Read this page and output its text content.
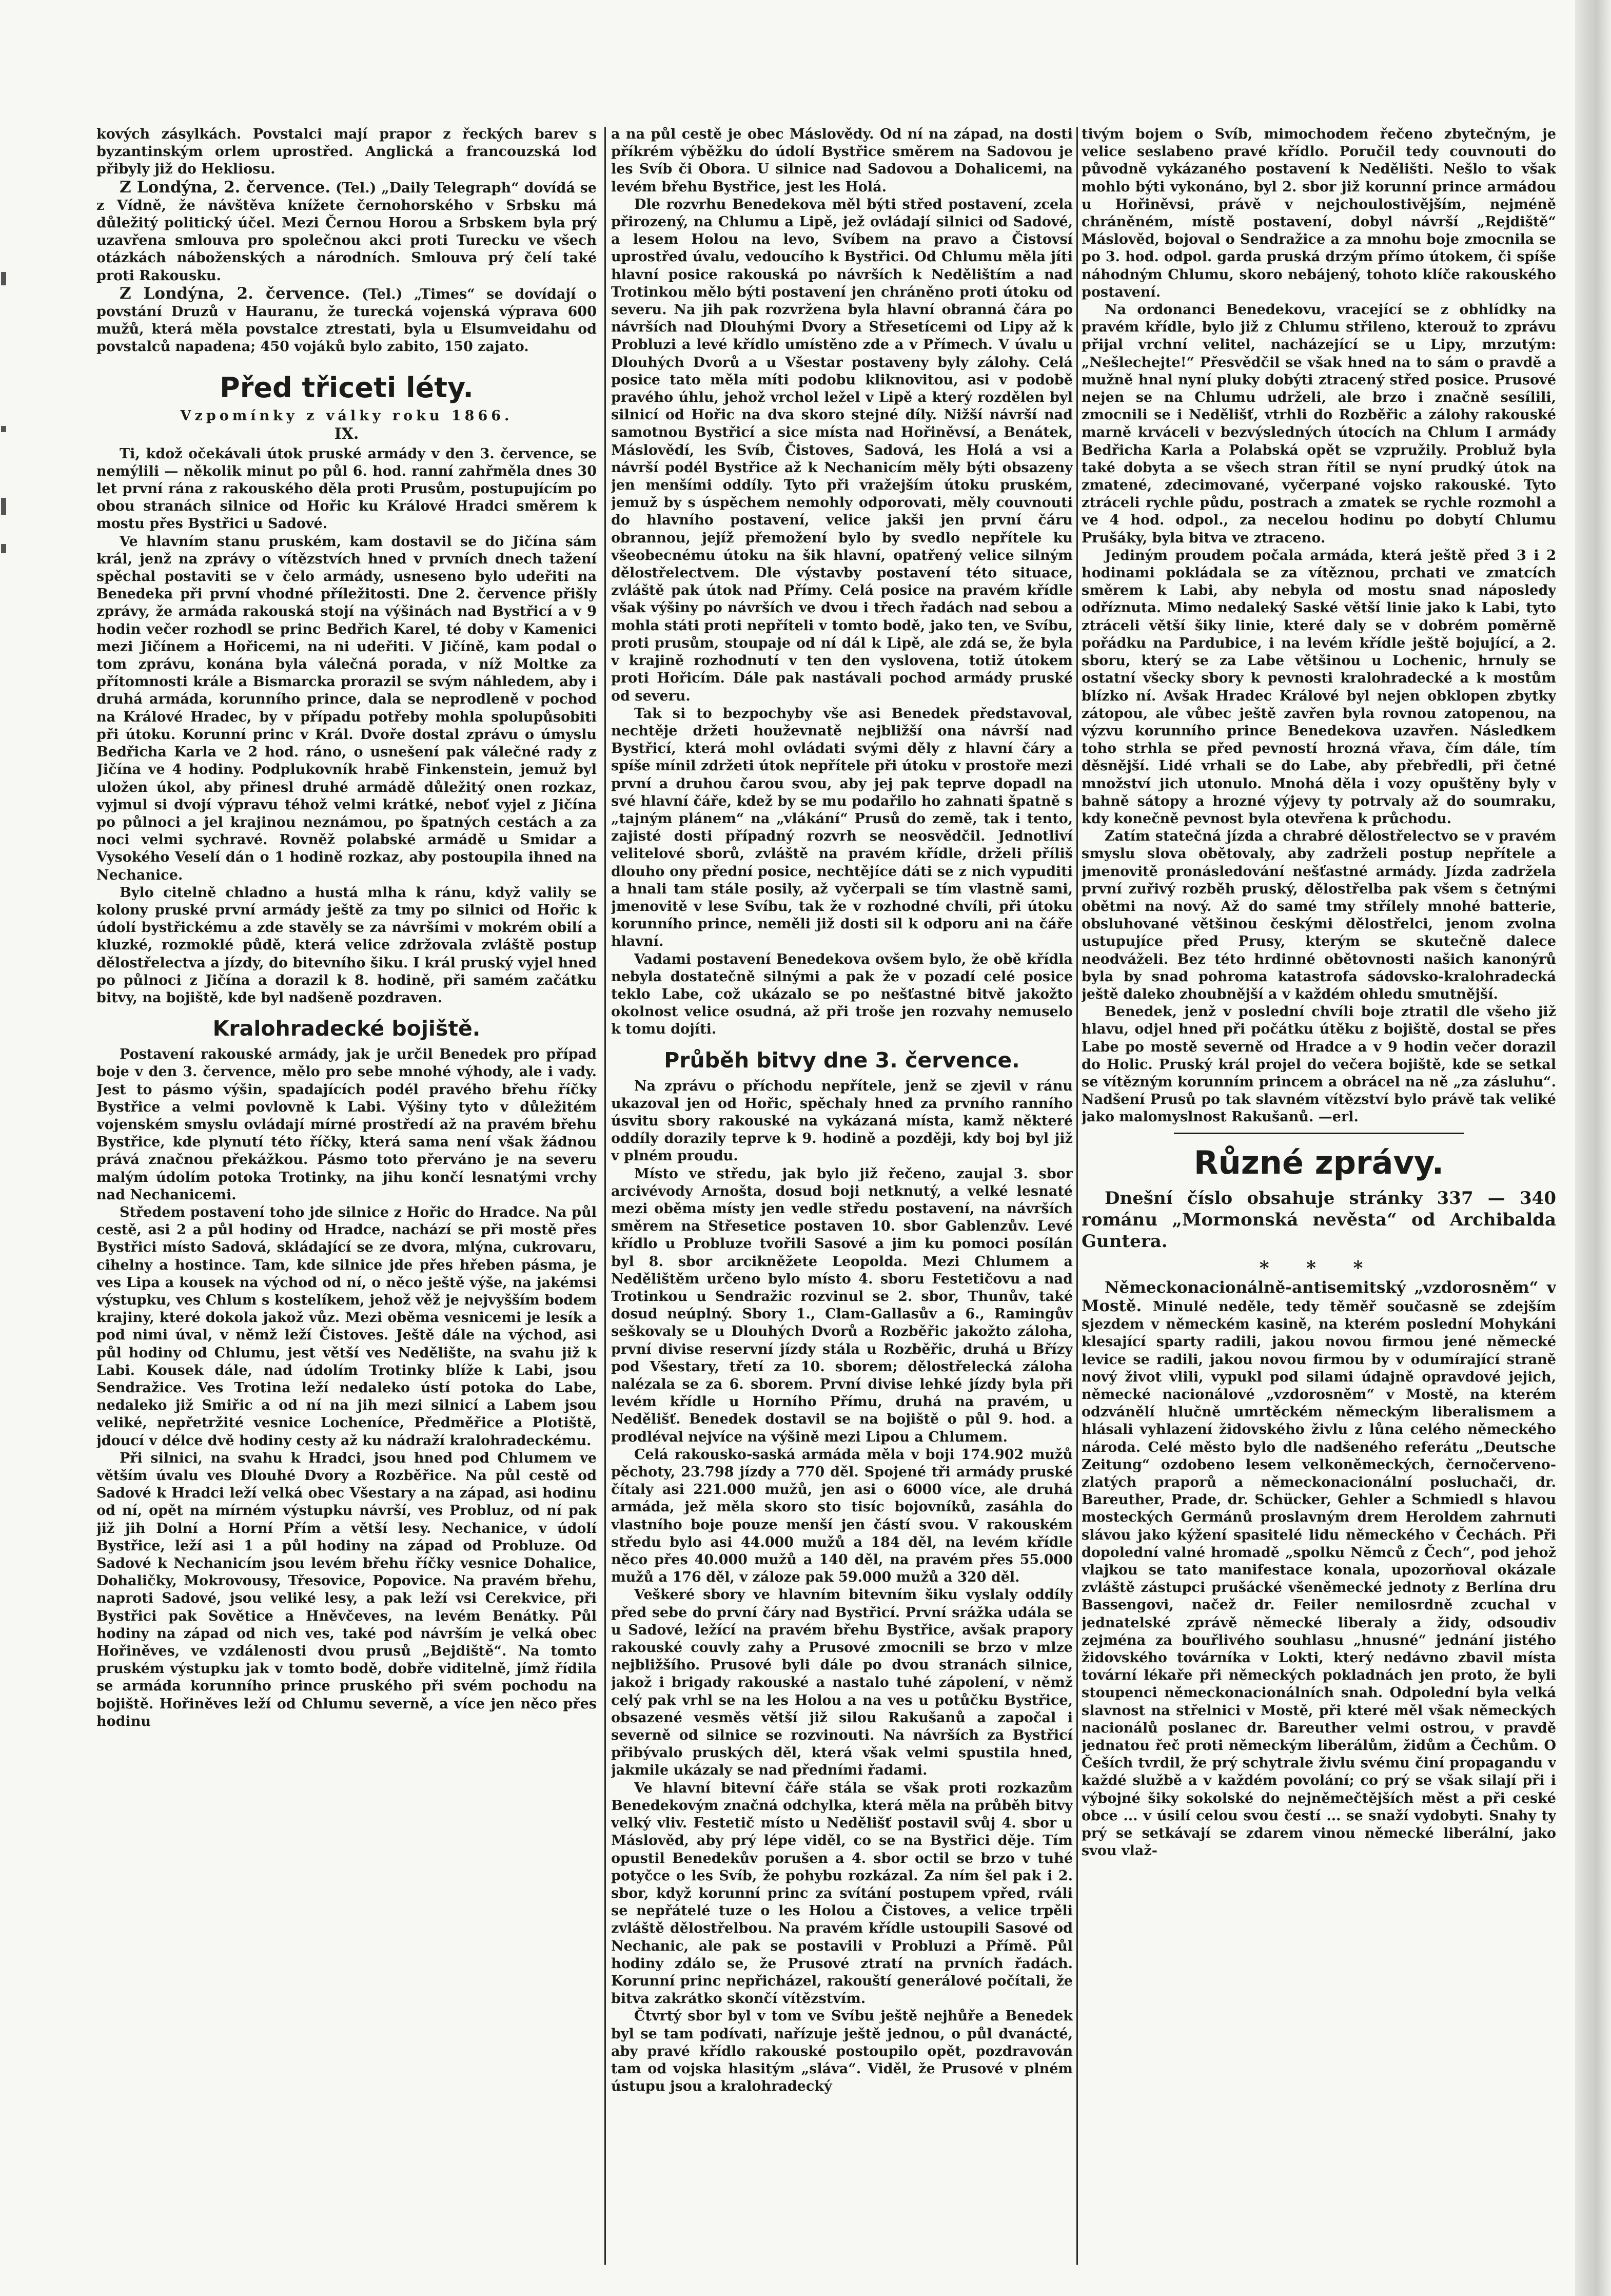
kových zásylkách. Povstalci mají prapor z řeckých barev s byzantinským orlem uprostřed. Anglická a francouzská loď přibyly již do Hekliosu.

Z Londýna, 2. července. (Tel.) „Daily Telegraph“ dovídá se z Vídně, že návštěva knížete černohorského v Srbsku má důležitý politický účel. Mezi Černou Horou a Srbskem byla prý uzavřena smlouva pro společnou akci proti Turecku ve všech otázkách náboženských a národních. Smlouva prý čelí také proti Rakousku.

Z Londýna, 2. července. (Tel.) „Times“ se dovídají o povstání Druzů v Hauranu, že turecká vojenská výprava 600 mužů, která měla povstalce ztrestati, byla u Elsumveidahu od povstalců napadena; 450 vojáků bylo zabito, 150 zajato.

Před třiceti léty.
Vzpomínky z války roku 1866.
IX.

Ti, kdož očekávali útok pruské armády v den 3. července, se nemýlili — několik minut po půl 6. hod. ranní zahřměla dnes 30 let první rána z rakouského děla proti Prusům, postupujícím po obou stranách silnice od Hořic ku Králové Hradci směrem k mostu přes Bystřici u Sadové.

Ve hlavním stanu pruském, kam dostavil se do Jičína sám král, jenž na zprávy o vítězstvích hned v prvních dnech tažení spěchal postaviti se v čelo armády, usneseno bylo udeřiti na Benedeka při první vhodné příležitosti. Dne 2. července přišly zprávy, že armáda rakouská stojí na výšinách nad Bystřicí a v 9 hodin večer rozhodl se princ Bedřich Karel, té doby v Kamenici mezi Jičínem a Hořicemi, na ni udeřiti. V Jičíně, kam podal o tom zprávu, konána byla válečná porada, v níž Moltke za přítomnosti krále a Bismarcka prorazil se svým náhledem, aby i druhá armáda, korunního prince, dala se neprodleně v pochod na Králové Hradec, by v případu potřeby mohla spolupůsobiti při útoku. Korunní princ v Král. Dvoře dostal zprávu o úmyslu Bedřicha Karla ve 2 hod. ráno, o usnešení pak válečné rady z Jičína ve 4 hodiny. Podplukovník hrabě Finkenstein, jemuž byl uložen úkol, aby přinesl druhé armádě důležitý onen rozkaz, vyjmul si dvojí výpravu téhož velmi krátké, neboť vyjel z Jičína po půlnoci a jel krajinou neznámou, po špatných cestách a za noci velmi sychravé. Rovněž polabské armádě u Smidar a Vysokého Veselí dán o 1 hodině rozkaz, aby postoupila ihned na Nechanice.

Bylo citelně chladno a hustá mlha k ránu, když valily se kolony pruské první armády ještě za tmy po silnici od Hořic k údolí bystřickému a zde stavěly se za návršími v mokrém obilí a kluzké, rozmoklé půdě, která velice zdržovala zvláště postup dělostřelectva a jízdy, do bitevního šiku. I král pruský vyjel hned po půlnoci z Jičína a dorazil k 8. hodině, při samém začátku bitvy, na bojiště, kde byl nadšeně pozdraven.

Kralohradecké bojiště.

Postavení rakouské armády, jak je určil Benedek pro případ boje v den 3. července, mělo pro sebe mnohé výhody, ale i vady. Jest to pásmo výšin, spadajících podél pravého břehu říčky Bystřice a velmi povlovně k Labi. Výšiny tyto v důležitém vojenském smyslu ovládají mírné prostředí až na pravém břehu Bystřice, kde plynutí této říčky, která sama není však žádnou prává značnou překážkou. Pásmo toto přerváno je na severu malým údolím potoka Trotinky, na jihu končí lesnatými vrchy nad Nechanicemi.

Středem postavení toho jde silnice z Hořic do Hradce. Na půl cestě, asi 2 a půl hodiny od Hradce, nachází se při mostě přes Bystřici místo Sadová, skládající se ze dvora, mlýna, cukrovaru, cihelny a hostince. Tam, kde silnice jde přes hřeben pásma, je ves Lipa a kousek na východ od ní, o něco ještě výše, na jakémsi výstupku, ves Chlum s kostelíkem, jehož věž je nejvyšším bodem krajiny, které dokola jakož vůz. Mezi oběma vesnicemi je lesík a pod nimi úval, v němž leží Čistoves. Ještě dále na východ, asi půl hodiny od Chlumu, jest větší ves Nedělište, na svahu již k Labi. Kousek dále, nad údolím Trotinky blíže k Labi, jsou Sendražice. Ves Trotina leží nedaleko ústí potoka do Labe, nedaleko již Smiřic a od ní na jih mezi silnicí a Labem jsou veliké, nepřetržité vesnice Locheníce, Předměřice a Plotiště, jdoucí v délce dvě hodiny cesty až ku nádraží kralohradeckému.

Při silnici, na svahu k Hradci, jsou hned pod Chlumem ve větším úvalu ves Dlouhé Dvory a Rozběřice. Na půl cestě od Sadové k Hradci leží velká obec Všestary a na západ, asi hodinu od ní, opět na mírném výstupku návrší, ves Probluz, od ní pak již jih Dolní a Horní Přím a větší lesy. Nechanice, v údolí Bystřice, leží asi 1 a půl hodiny na západ od Probluze. Od Sadové k Nechanicím jsou levém břehu říčky vesnice Dohalice, Dohaličky, Mokrovousy, Třesovice, Popovice. Na pravém břehu, naproti Sadové, jsou veliké lesy, a pak leží vsi Cerekvice, při Bystřici pak Sovětice a Hněvčeves, na levém Benátky. Půl hodiny na západ od nich ves, také pod návrším je velká obec Hořiněves, ve vzdálenosti dvou prusů „Bejdiště“. Na tomto pruském výstupku jak v tomto bodě, dobře viditelně, jímž řídila se armáda korunního prince pruského při svém pochodu na bojiště. Hořiněves leží od Chlumu severně, a více jen něco přes hodinu

a na půl cestě je obec Máslovědy. Od ní na západ, na dosti příkrém výběžku do údolí Bystřice směrem na Sadovou je les Svíb či Obora. U silnice nad Sadovou a Dohalicemi, na levém břehu Bystřice, jest les Holá.

Dle rozvrhu Benedekova měl býti střed postavení, zcela přirozený, na Chlumu a Lipě, jež ovládají silnici od Sadové, a lesem Holou na levo, Svíbem na pravo a Čistovsí uprostřed úvalu, vedoucího k Bystřici. Od Chlumu měla jíti hlavní posice rakouská po návrších k Nedělištím a nad Trotinkou mělo býti postavení jen chráněno proti útoku od severu. Na jih pak rozvržena byla hlavní obranná čára po návrších nad Dlouhými Dvory a Střesetícemi od Lipy až k Probluzi a levé křídlo umístěno zde a v Přímech. V úvalu u Dlouhých Dvorů a u Všestar postaveny byly zálohy. Celá posice tato měla míti podobu kliknovitou, asi v podobě pravého úhlu, jehož vrchol ležel v Lipě a který rozdělen byl silnicí od Hořic na dva skoro stejné díly. Nižší návrší nad samotnou Bystřicí a sice místa nad Hořiněvsí, a Benátek, Máslovědí, les Svíb, Čistoves, Sadová, les Holá a vsi a návrší podél Bystřice až k Nechanicím měly býti obsazeny jen menšími oddíly. Tyto při vražejším útoku pruském, jemuž by s úspěchem nemohly odporovati, měly couvnouti do hlavního postavení, velice jakši jen první čáru obrannou, jejíž přemožení bylo by svedlo nepřítele ku všeobecnému útoku na šik hlavní, opatřený velice silným dělostřelectvem. Dle výstavby postavení této situace, zvláště pak útok nad Přímy. Celá posice na pravém křídle však výšiny po návrších ve dvou i třech řadách nad sebou a mohla státi proti nepříteli v tomto bodě, jako ten, ve Svíbu, proti prusům, stoupaje od ní dál k Lipě, ale zdá se, že byla v krajině rozhodnutí v ten den vyslovena, totiž útokem proti Hořicím. Dále pak nastávali pochod armády pruské od severu.

Tak si to bezpochyby vše asi Benedek představoval, nechtěje držeti houževnatě nejbližší ona návrší nad Bystřicí, která mohl ovládati svými děly z hlavní čáry a spíše mínil zdržeti útok nepřítele při útoku v prostoře mezi první a druhou čarou svou, aby jej pak teprve dopadl na své hlavní čáře, kdež by se mu podařilo ho zahnati špatně s „tajným plánem“ na „vlákání“ Prusů do země, tak i tento, zajisté dosti případný rozvrh se neosvědčil. Jednotliví velitelové sborů, zvláště na pravém křídle, drželi příliš dlouho ony přední posice, nechtějíce dáti se z nich vypuditi a hnali tam stále posily, až vyčerpali se tím vlastně sami, jmenovitě v lese Svíbu, tak že v rozhodné chvíli, při útoku korunního prince, neměli již dosti sil k odporu ani na čáře hlavní.

Vadami postavení Benedekova ovšem bylo, že obě křídla nebyla dostatečně silnými a pak že v pozadí celé posice teklo Labe, což ukázalo se po nešťastné bitvě jakožto okolnost velice osudná, až při troše jen rozvahy nemuselo k tomu dojíti.

Průběh bitvy dne 3. července.

Na zprávu o příchodu nepřítele, jenž se zjevil v ránu ukazoval jen od Hořic, spěchaly hned za prvního ranního úsvitu sbory rakouské na vykázaná místa, kamž některé oddíly dorazily teprve k 9. hodině a později, kdy boj byl již v plném proudu.

Místo ve středu, jak bylo již řečeno, zaujal 3. sbor arcivévody Arnošta, dosud boji netknutý, a velké lesnaté mezi oběma místy jen vedle středu postavení, na návrších směrem na Střesetice postaven 10. sbor Gablenzův. Levé křídlo u Probluze tvořili Sasové a jim ku pomoci posílán byl 8. sbor arcikněžete Leopolda. Mezi Chlumem a Nedělištěm určeno bylo místo 4. sboru Festetičovu a nad Trotinkou u Sendražic rozvinul se 2. sbor, Thunův, také dosud neúplný. Sbory 1., Clam-Gallasův a 6., Ramingův seškovaly se u Dlouhých Dvorů a Rozběřic jakožto záloha, první divise reservní jízdy stála u Rozběřic, druhá u Břízy pod Všestary, třetí za 10. sborem; dělostřelecká záloha nalézala se za 6. sborem. První divise lehké jízdy byla při levém křídle u Horního Přímu, druhá na pravém, u Nedělišť. Benedek dostavil se na bojiště o půl 9. hod. a prodléval nejvíce na výšině mezi Lipou a Chlumem.

Celá rakousko-saská armáda měla v boji 174.902 mužů pěchoty, 23.798 jízdy a 770 děl. Spojené tři armády pruské čítaly asi 221.000 mužů, jen asi o 6000 více, ale druhá armáda, jež měla skoro sto tisíc bojovníků, zasáhla do vlastního boje pouze menší jen částí svou. V rakouském středu bylo asi 44.000 mužů a 184 děl, na levém křídle něco přes 40.000 mužů a 140 děl, na pravém přes 55.000 mužů a 176 děl, v záloze pak 59.000 mužů a 320 děl.

Veškeré sbory ve hlavním bitevním šiku vyslaly oddíly před sebe do první čáry nad Bystřicí. První srážka udála se u Sadové, ležící na pravém břehu Bystřice, avšak prapory rakouské couvly zahy a Prusové zmocnili se brzo v mlze nejbližšího. Prusové byli dále po dvou stranách silnice, jakož i brigady rakouské a nastalo tuhé zápolení, v němž celý pak vrhl se na les Holou a na ves u potůčku Bystřice, obsazené vesměs větší již silou Rakušanů a započal i severně od silnice se rozvinouti. Na návrších za Bystřicí přibývalo pruských děl, která však velmi spustila hned, jakmile ukázaly se nad předními řadami.

Ve hlavní bitevní čáře stála se však proti rozkazům Benedekovým značná odchylka, která měla na průběh bitvy velký vliv. Festetič místo u Nedělišť postavil svůj 4. sbor u Máslověd, aby prý lépe viděl, co se na Bystřici děje. Tím opustil Benedekův porušen a 4. sbor octil se brzo v tuhé potyčce o les Svíb, že pohybu rozkázal. Za ním šel pak i 2. sbor, když korunní princ za svítání postupem vpřed, rváli se nepřátelé tuze o les Holou a Čistoves, a velice trpěli zvláště dělostřelbou. Na pravém křídle ustoupili Sasové od Nechanic, ale pak se postavili v Probluzi a Přímě. Půl hodiny zdálo se, že Prusové ztratí na prvních řadách. Korunní princ nepřicházel, rakouští generálové počítali, že bitva zakrátko skončí vítězstvím.

Čtvrtý sbor byl v tom ve Svíbu ještě nejhůře a Benedek byl se tam podívati, nařízuje ještě jednou, o půl dvanácté, aby pravé křídlo rakouské postoupilo opět, pozdravován tam od vojska hlasitým „sláva“. Viděl, že Prusové v plném ústupu jsou a kralohradecký

tivým bojem o Svíb, mimochodem řečeno zbytečným, je velice seslabeno pravé křídlo. Poručil tedy couvnouti do původně vykázaného postavení k Nedělišti. Nešlo to však mohlo býti vykonáno, byl 2. sbor již korunní prince armádou u Hořiněvsi, právě v nejchoulostivějším, nejméně chráněném, místě postavení, dobyl návrší „Rejdiště“ Máslověd, bojoval o Sendražice a za mnohu boje zmocnila se po 3. hod. odpol. garda pruská drzým přímo útokem, či spíše náhodným Chlumu, skoro nebájený, tohoto klíče rakouského postavení.

Na ordonanci Benedekovu, vracející se z obhlídky na pravém křídle, bylo již z Chlumu střileno, kterouž to zprávu přijal vrchní velitel, nacházející se u Lipy, mrzutým: „Nešlechejte!“ Přesvědčil se však hned na to sám o pravdě a mužně hnal nyní pluky dobýti ztracený střed posice. Prusové nejen se na Chlumu udrželi, ale brzo i značně sesílili, zmocnili se i Nedělišť, vtrhli do Rozběřic a zálohy rakouské marně krváceli v bezvýsledných útocích na Chlum I armády Bedřicha Karla a Polabská opět se vzpružily. Probluž byla také dobyta a se všech stran řítil se nyní prudký útok na zmatené, zdecimované, vyčerpané vojsko rakouské. Tyto ztráceli rychle půdu, postrach a zmatek se rychle rozmohl a ve 4 hod. odpol., za necelou hodinu po dobytí Chlumu Prušáky, byla bitva ve ztraceno.

Jediným proudem počala armáda, která ještě před 3 i 2 hodinami pokládala se za vítěznou, prchati ve zmatcích směrem k Labi, aby nebyla od mostu snad náposledy odříznuta. Mimo nedaleký Saské větší linie jako k Labi, tyto ztráceli větší šiky linie, které daly se v dobrém poměrně pořádku na Pardubice, i na levém křídle ještě bojující, a 2. sboru, který se za Labe většinou u Lochenic, hrnuly se ostatní všecky sbory k pevnosti kralohradecké a k mostům blízko ní. Avšak Hradec Králové byl nejen obklopen zbytky zátopou, ale vůbec ještě zavřen byla rovnou zatopenou, na výzvu korunního prince Benedekova uzavřen. Následkem toho strhla se před pevností hrozná vřava, čím dále, tím děsnější. Lidé vrhali se do Labe, aby přebředli, při četné množství jich utonulo. Mnohá děla i vozy opuštěny byly v bahně sátopy a hrozné výjevy ty potrvaly až do soumraku, kdy konečně pevnost byla otevřena k průchodu.

Zatím statečná jízda a chrabré dělostřelectvo se v pravém smyslu slova obětovaly, aby zadrželi postup nepřítele a jmenovitě pronásledování nešťastné armády. Jízda zadržela první zuřivý rozběh pruský, dělostřelba pak všem s četnými obětmi na nový. Až do samé tmy střílely mnohé batterie, obsluhované většinou českými dělostřelci, jenom zvolna ustupujíce před Prusy, kterým se skutečně dalece neodváželi. Bez této hrdinné obětovnosti našich kanonýrů byla by snad pohroma katastrofa sádovsko-kralohradecká ještě daleko zhoubnější a v každém ohledu smutnější.

Benedek, jenž v poslední chvíli boje ztratil dle všeho již hlavu, odjel hned při počátku útěku z bojiště, dostal se přes Labe po mostě severně od Hradce a v 9 hodin večer dorazil do Holic. Pruský král projel do večera bojiště, kde se setkal se vítězným korunním princem a obrácel na ně „za zásluhu“. Nadšení Prusů po tak slavném vítězství bylo právě tak veliké jako malomyslnost Rakušanů. —erl.

Různé zprávy.

Dnešní číslo obsahuje stránky 337 — 340 románu „Mormonská nevěsta“ od Archibalda Guntera.

* * *

Německonacionálně-antisemitský „vzdorosněm“ v Mostě. Minulé neděle, tedy těměř současně se zdejším sjezdem v německém kasině, na kterém poslední Mohykáni klesající sparty radili, jakou novou firmou jené německé levice se radili, jakou novou firmou by v odumírající straně nový život vlili, vypukl pod silami údajně opravdové jejich, německé nacionálové „vzdorosněm“ v Mostě, na kterém odzvánělí hlučně umrtěckém německým liberalismem a hlásali vyhlazení židovského živlu z lůna celého německého národa. Celé město bylo dle nadšeného referátu „Deutsche Zeitung“ ozdobeno lesem velkoněmeckých, černočerveno-zlatých praporů a německonacionální posluchači, dr. Bareuther, Prade, dr. Schücker, Gehler a Schmiedl s hlavou mosteckých Germánů proslavným drem Heroldem zahrnuti slávou jako kýžení spasitelé lidu německého v Čechách. Při dopolední valné hromadě „spolku Němců z Čech“, pod jehož vlajkou se tato manifestace konala, upozorňoval okázale zvláště zástupci prušácké všeněmecké jednoty z Berlína dru Bassengovi, načež dr. Feiler nemilosrdně zcuchal v jednatelské zprávě německé liberaly a židy, odsoudiv zejména za bouřlivého souhlasu „hnusné“ jednání jistého židovského továrníka v Lokti, který nedávno zbavil místa tovární lékaře při německých pokladnách jen proto, že byli stoupenci německonacionálních snah. Odpolední byla velká slavnost na střelnici v Mostě, při které měl však německých nacionálů poslanec dr. Bareuther velmi ostrou, v pravdě jednatou řeč proti německým liberálům, židům a Čechům. O Češích tvrdil, že prý schytrale živlu svému činí propagandu v každé službě a v každém povolání; co prý se však silají při i výbojné šiky sokolské do nejněmečtějších měst a při ceské obce ... v úsilí celou svou čestí ... se snaží vydobyti. Snahy ty prý se setkávají se zdarem vinou německé liberální, jako svou vlaž-
